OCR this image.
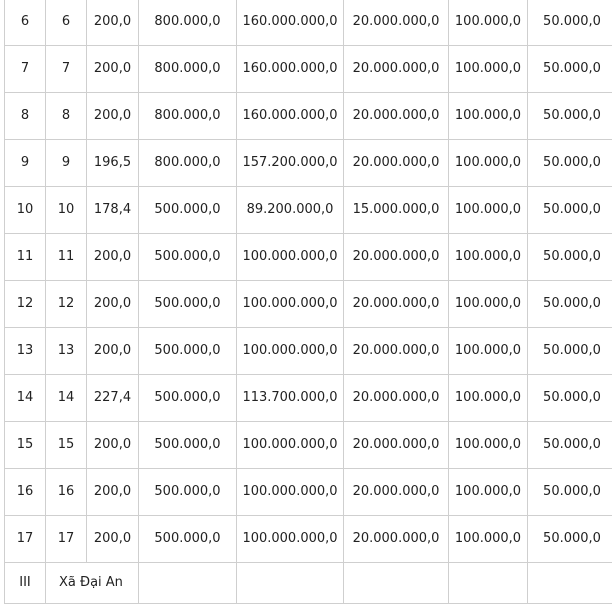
6	6	200,0	800.000,0	160.000.000,0	20.000.000,0	100.000,0	50.000,0
7	7	200,0	800.000,0	160.000.000,0	20.000.000,0	100.000,0	50.000,0
8	8	200,0	800.000,0	160.000.000,0	20.000.000,0	100.000,0	50.000,0
9	9	196,5	800.000,0	157.200.000,0	20.000.000,0	100.000,0	50.000,0
10	10	178,4	500.000,0	89.200.000,0	15.000.000,0	100.000,0	50.000,0
11	11	200,0	500.000,0	100.000.000,0	20.000.000,0	100.000,0	50.000,0
12	12	200,0	500.000,0	100.000.000,0	20.000.000,0	100.000,0	50.000,0
13	13	200,0	500.000,0	100.000.000,0	20.000.000,0	100.000,0	50.000,0
14	14	227,4	500.000,0	113.700.000,0	20.000.000,0	100.000,0	50.000,0
15	15	200,0	500.000,0	100.000.000,0	20.000.000,0	100.000,0	50.000,0
16	16	200,0	500.000,0	100.000.000,0	20.000.000,0	100.000,0	50.000,0
17	17	200,0	500.000,0	100.000.000,0	20.000.000,0	100.000,0	50.000,0
III	Xã Đại An						
